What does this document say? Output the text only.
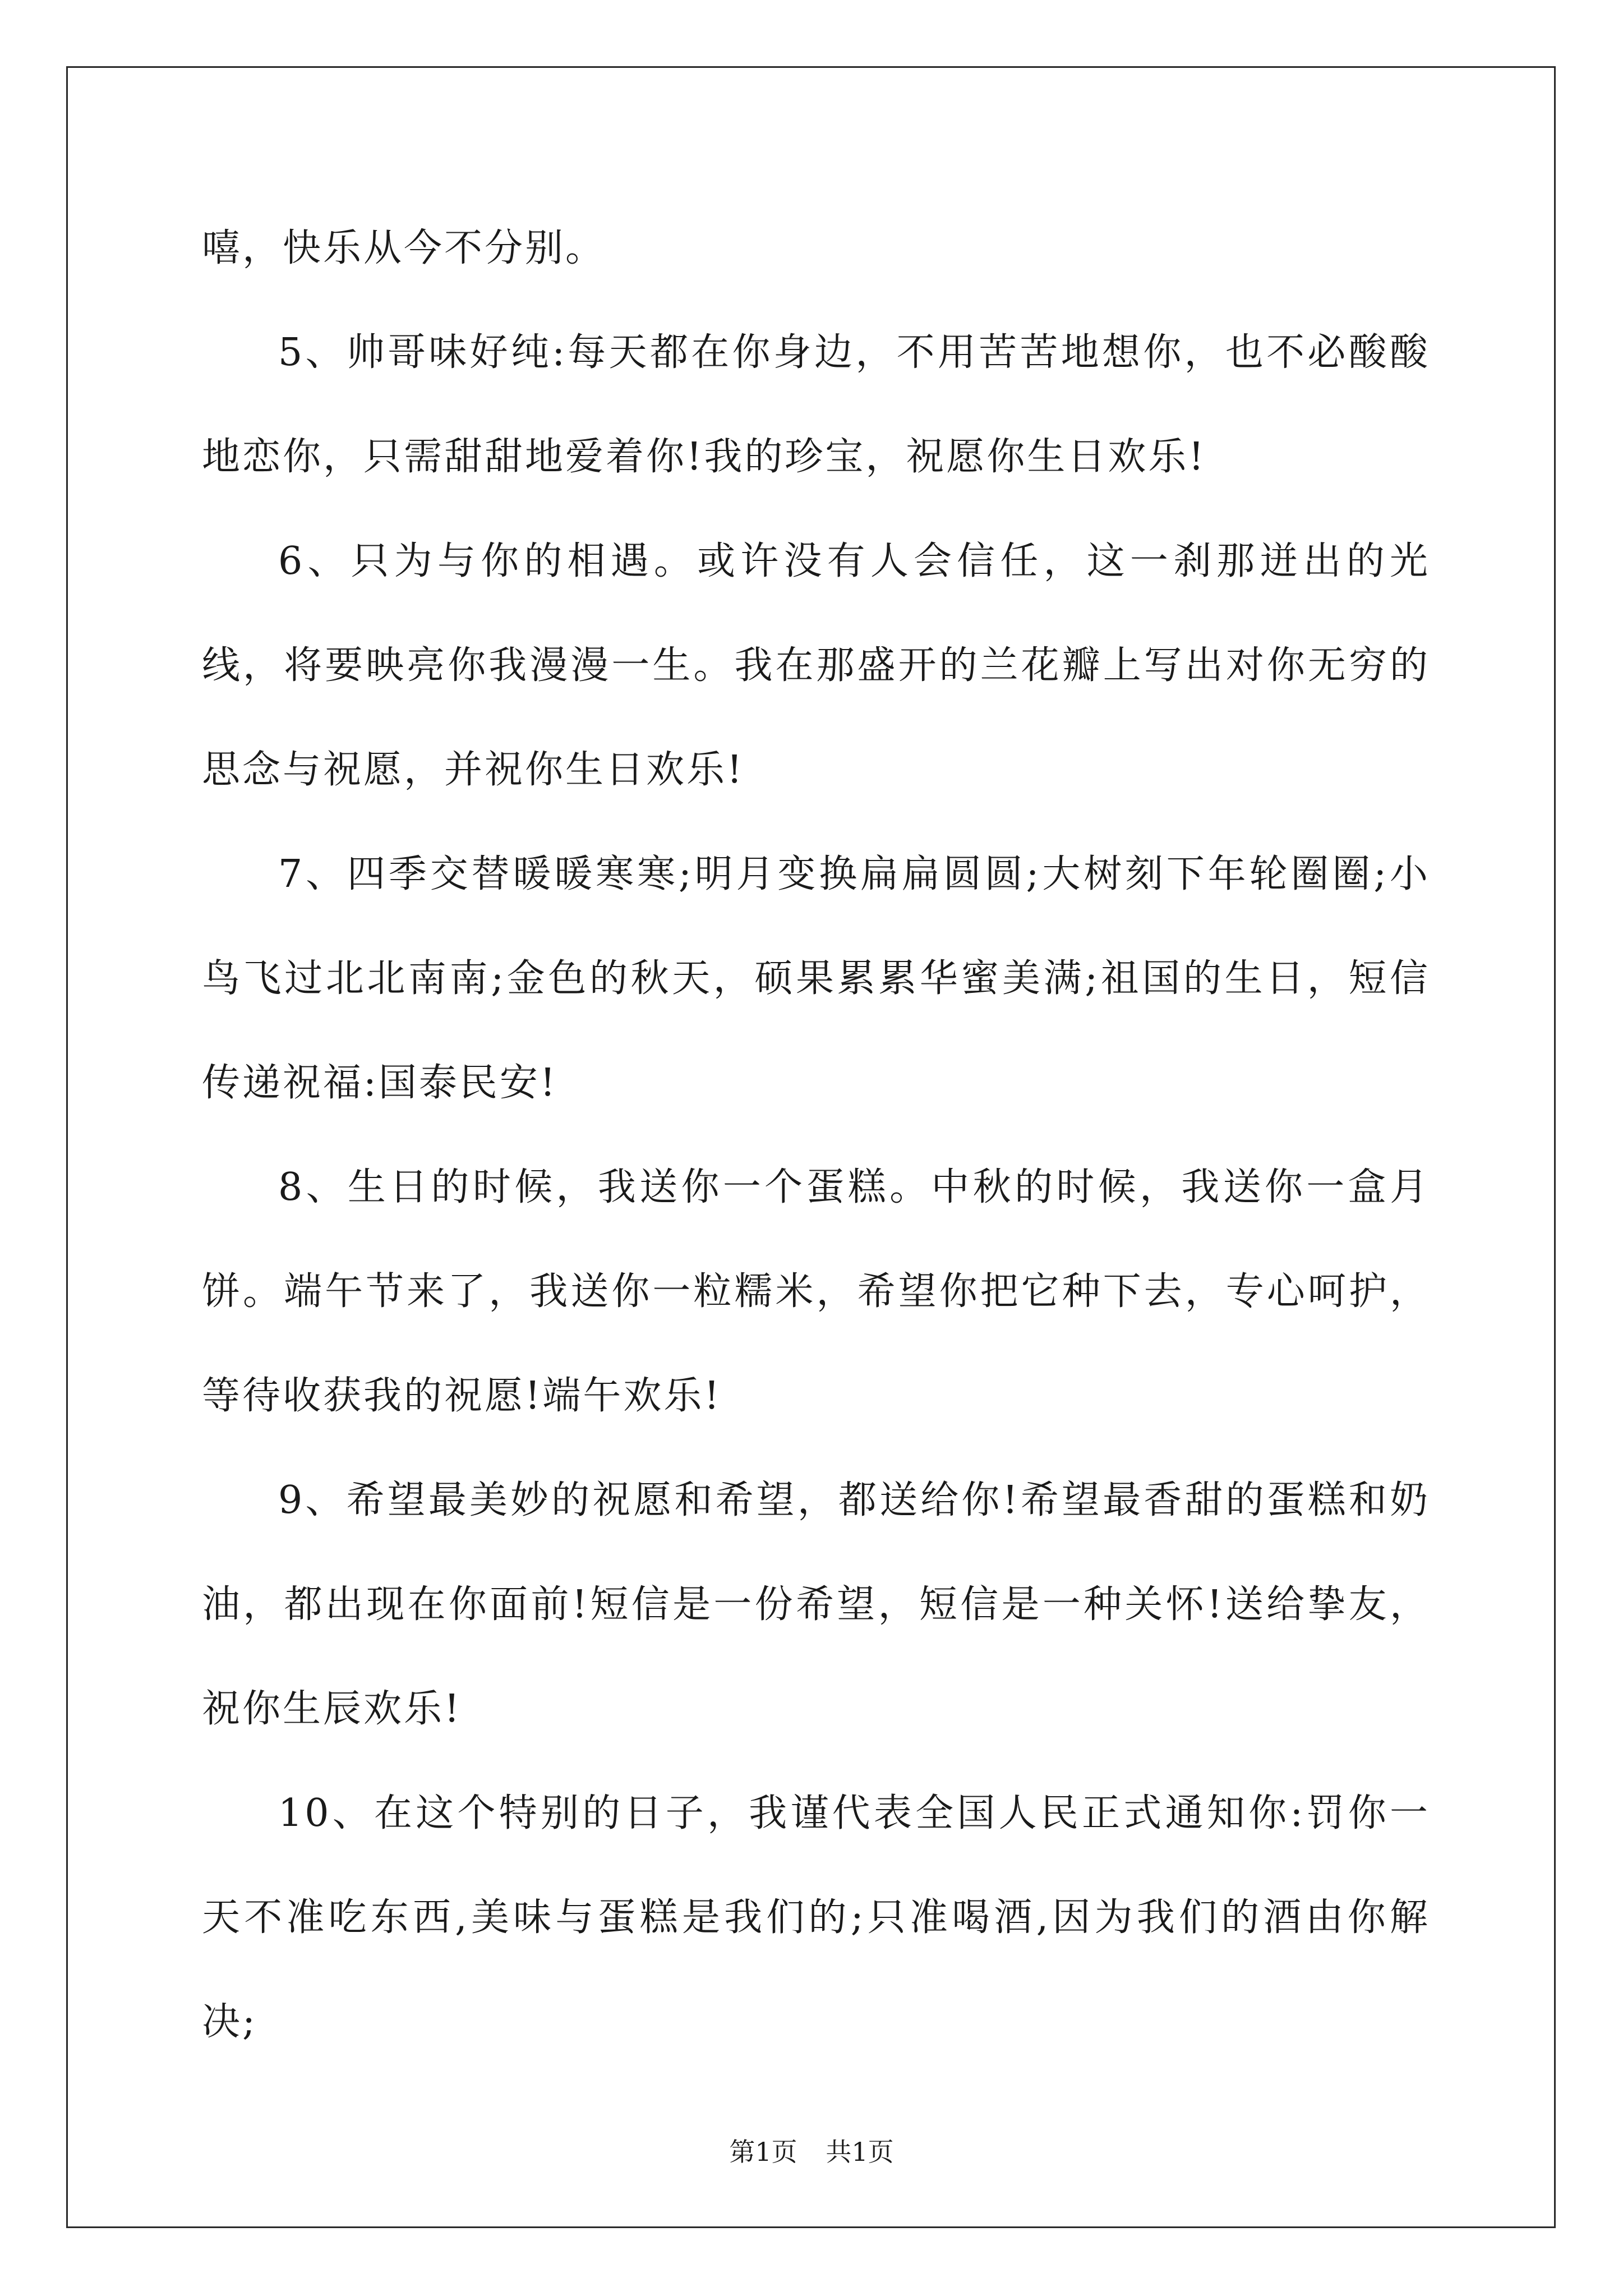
嘻，快乐从今不分别。

5、帅哥味好纯:每天都在你身边，不用苦苦地想你，也不必酸酸地恋你，只需甜甜地爱着你!我的珍宝，祝愿你生日欢乐!

6、只为与你的相遇。或许没有人会信任，这一刹那迸出的光线，将要映亮你我漫漫一生。我在那盛开的兰花瓣上写出对你无穷的思念与祝愿，并祝你生日欢乐!

7、四季交替暖暖寒寒;明月变换扁扁圆圆;大树刻下年轮圈圈;小鸟飞过北北南南;金色的秋天，硕果累累华蜜美满;祖国的生日，短信传递祝福:国泰民安!

8、生日的时候，我送你一个蛋糕。中秋的时候，我送你一盒月饼。端午节来了，我送你一粒糯米，希望你把它种下去，专心呵护，等待收获我的祝愿!端午欢乐!

9、希望最美妙的祝愿和希望，都送给你!希望最香甜的蛋糕和奶油，都出现在你面前!短信是一份希望，短信是一种关怀!送给挚友，祝你生辰欢乐!

10、在这个特别的日子，我谨代表全国人民正式通知你:罚你一天不准吃东西,美味与蛋糕是我们的;只准喝酒,因为我们的酒由你解决;

第1页 共1页
